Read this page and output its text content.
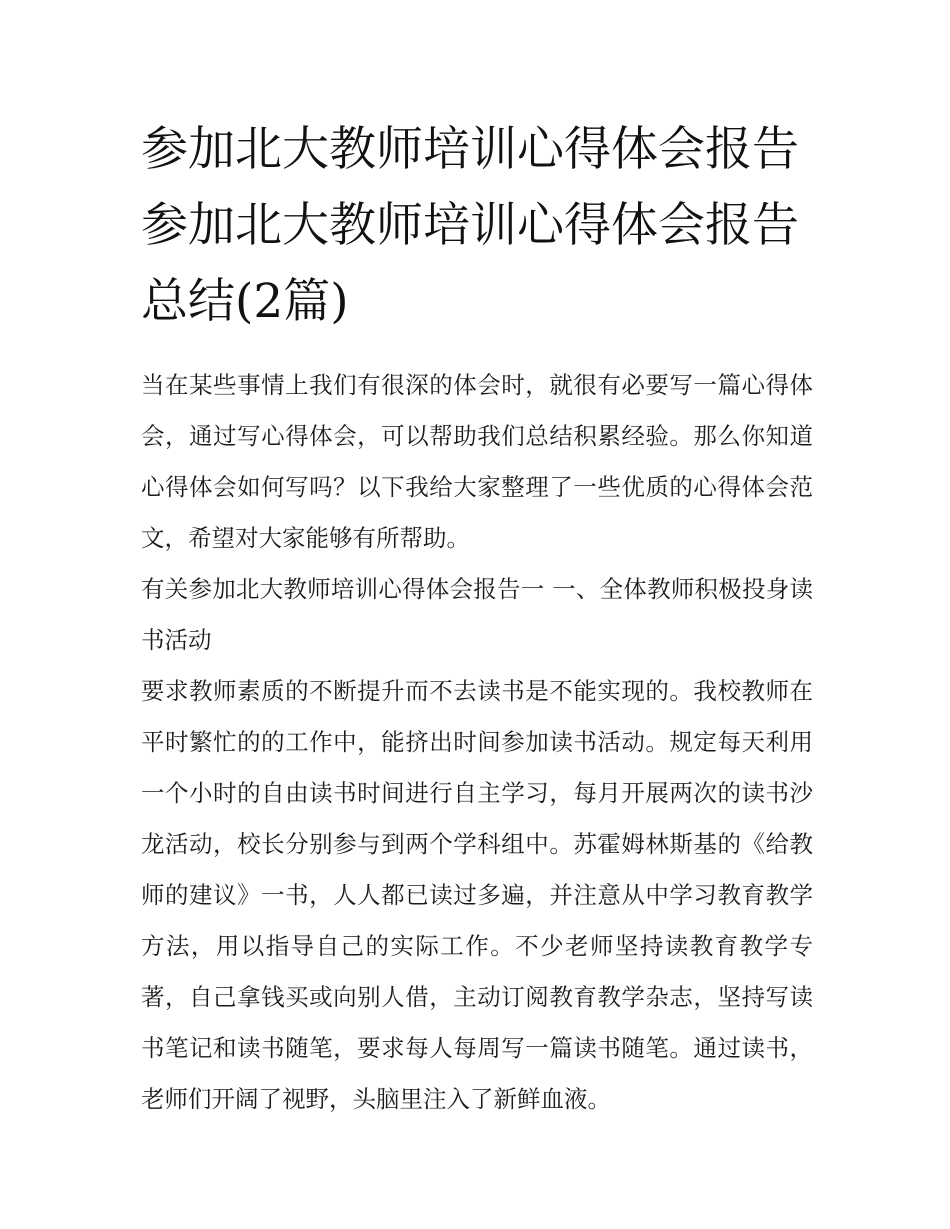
参加北大教师培训心得体会报告 参加北大教师培训心得体会报告总结(2篇)

当在某些事情上我们有很深的体会时，就很有必要写一篇心得体会，通过写心得体会，可以帮助我们总结积累经验。那么你知道心得体会如何写吗？以下我给大家整理了一些优质的心得体会范文，希望对大家能够有所帮助。

有关参加北大教师培训心得体会报告一 一、全体教师积极投身读书活动

要求教师素质的不断提升而不去读书是不能实现的。我校教师在平时繁忙的的工作中，能挤出时间参加读书活动。规定每天利用一个小时的自由读书时间进行自主学习，每月开展两次的读书沙龙活动，校长分别参与到两个学科组中。苏霍姆林斯基的《给教师的建议》一书，人人都已读过多遍，并注意从中学习教育教学方法，用以指导自己的实际工作。不少老师坚持读教育教学专著，自己拿钱买或向别人借，主动订阅教育教学杂志，坚持写读书笔记和读书随笔，要求每人每周写一篇读书随笔。通过读书，老师们开阔了视野，头脑里注入了新鲜血液。
